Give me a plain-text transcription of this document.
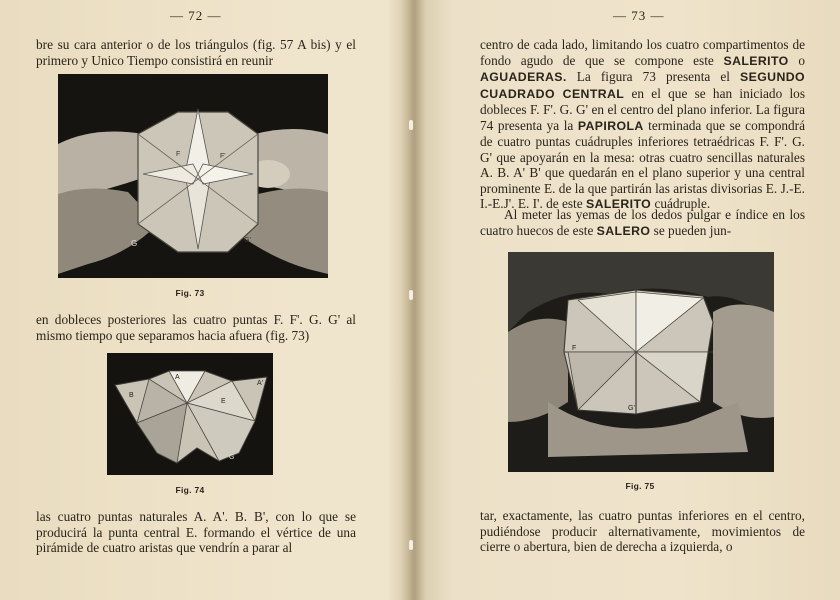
— 72 —

bre su cara anterior o de los triángulos (fig. 57 A bis) y el primero y Unico Tiempo consistirá en reunir

G
F	F'
G'
Fig. 73

en dobleces posteriores las cuatro puntas F. F'. G. G' al mismo tiempo que separamos hacia afuera (fig. 73)

A
A'
E
B
G
Fig. 74

las cuatro puntas naturales A. A'. B. B', con lo que se producirá la punta central E. formando el vértice de una pirámide de cuatro aristas que vendrín a parar al

— 73 —

centro de cada lado, limitando los cuatro compartimentos de fondo agudo de que se compone este SALERITO o AGUADERAS. La figura 73 presenta el SEGUNDO CUADRADO CENTRAL en el que se han iniciado los dobleces F. F'. G. G' en el centro del plano inferior. La figura 74 presenta ya la PAPIROLA terminada que se compondrá de cuatro puntas cuádruples inferiores tetraédricas F. F'. G. G' que apoyarán en la mesa: otras cuatro sencillas naturales A. B. A' B' que quedarán en el plano superior y una central prominente E. de la que partirán las aristas divisorias E. J.-E. I.-E.J'. E. I'. de este SALERITO cuádruple.

Al meter las yemas de los dedos pulgar e índice en los cuatro huecos de este SALERO se pueden jun-

F
G'
Fig. 75

tar, exactamente, las cuatro puntas inferiores en el centro, pudiéndose producir alternativamente, movimientos de cierre o abertura, bien de derecha a izquierda, o
